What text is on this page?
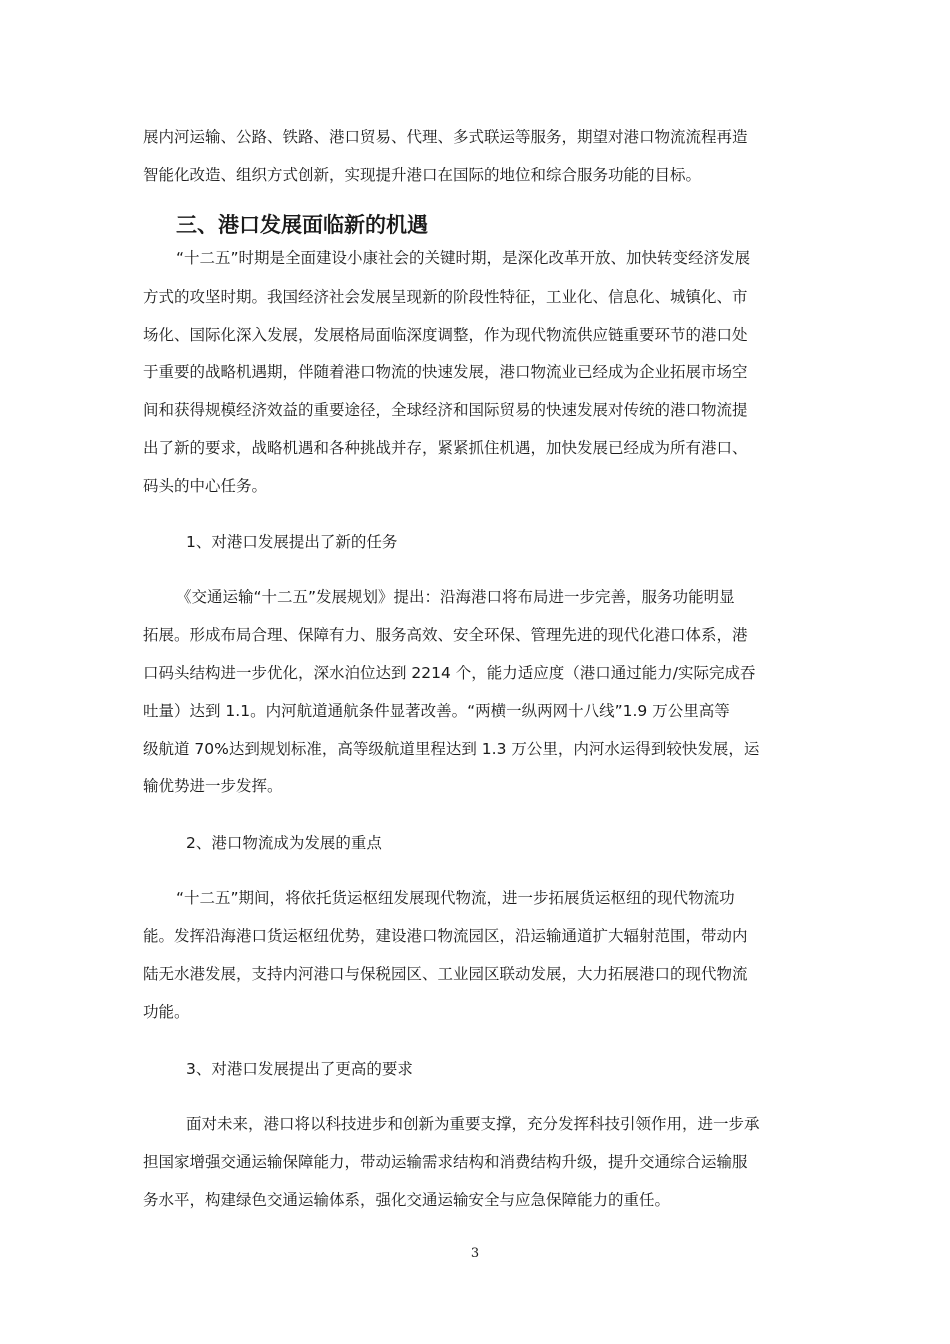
展内河运输、公路、铁路、港口贸易、代理、多式联运等服务，期望对港口物流流程再造
智能化改造、组织方式创新，实现提升港口在国际的地位和综合服务功能的目标。
三、港口发展面临新的机遇
“十二五”时期是全面建设小康社会的关键时期，是深化改革开放、加快转变经济发展
方式的攻坚时期。我国经济社会发展呈现新的阶段性特征，工业化、信息化、城镇化、市
场化、国际化深入发展，发展格局面临深度调整，作为现代物流供应链重要环节的港口处
于重要的战略机遇期，伴随着港口物流的快速发展，港口物流业已经成为企业拓展市场空
间和获得规模经济效益的重要途径，全球经济和国际贸易的快速发展对传统的港口物流提
出了新的要求，战略机遇和各种挑战并存，紧紧抓住机遇，加快发展已经成为所有港口、
码头的中心任务。
1、对港口发展提出了新的任务
《交通运输“十二五”发展规划》提出：沿海港口将布局进一步完善，服务功能明显
拓展。形成布局合理、保障有力、服务高效、安全环保、管理先进的现代化港口体系，港
口码头结构进一步优化，深水泊位达到 2214 个，能力适应度（港口通过能力/实际完成吞
吐量）达到 1.1。内河航道通航条件显著改善。“两横一纵两网十八线”1.9 万公里高等
级航道 70%达到规划标准，高等级航道里程达到 1.3 万公里，内河水运得到较快发展，运
输优势进一步发挥。
2、港口物流成为发展的重点
“十二五”期间，将依托货运枢纽发展现代物流，进一步拓展货运枢纽的现代物流功
能。发挥沿海港口货运枢纽优势，建设港口物流园区，沿运输通道扩大辐射范围，带动内
陆无水港发展，支持内河港口与保税园区、工业园区联动发展，大力拓展港口的现代物流
功能。
3、对港口发展提出了更高的要求
面对未来，港口将以科技进步和创新为重要支撑，充分发挥科技引领作用，进一步承
担国家增强交通运输保障能力，带动运输需求结构和消费结构升级，提升交通综合运输服
务水平，构建绿色交通运输体系，强化交通运输安全与应急保障能力的重任。
3
